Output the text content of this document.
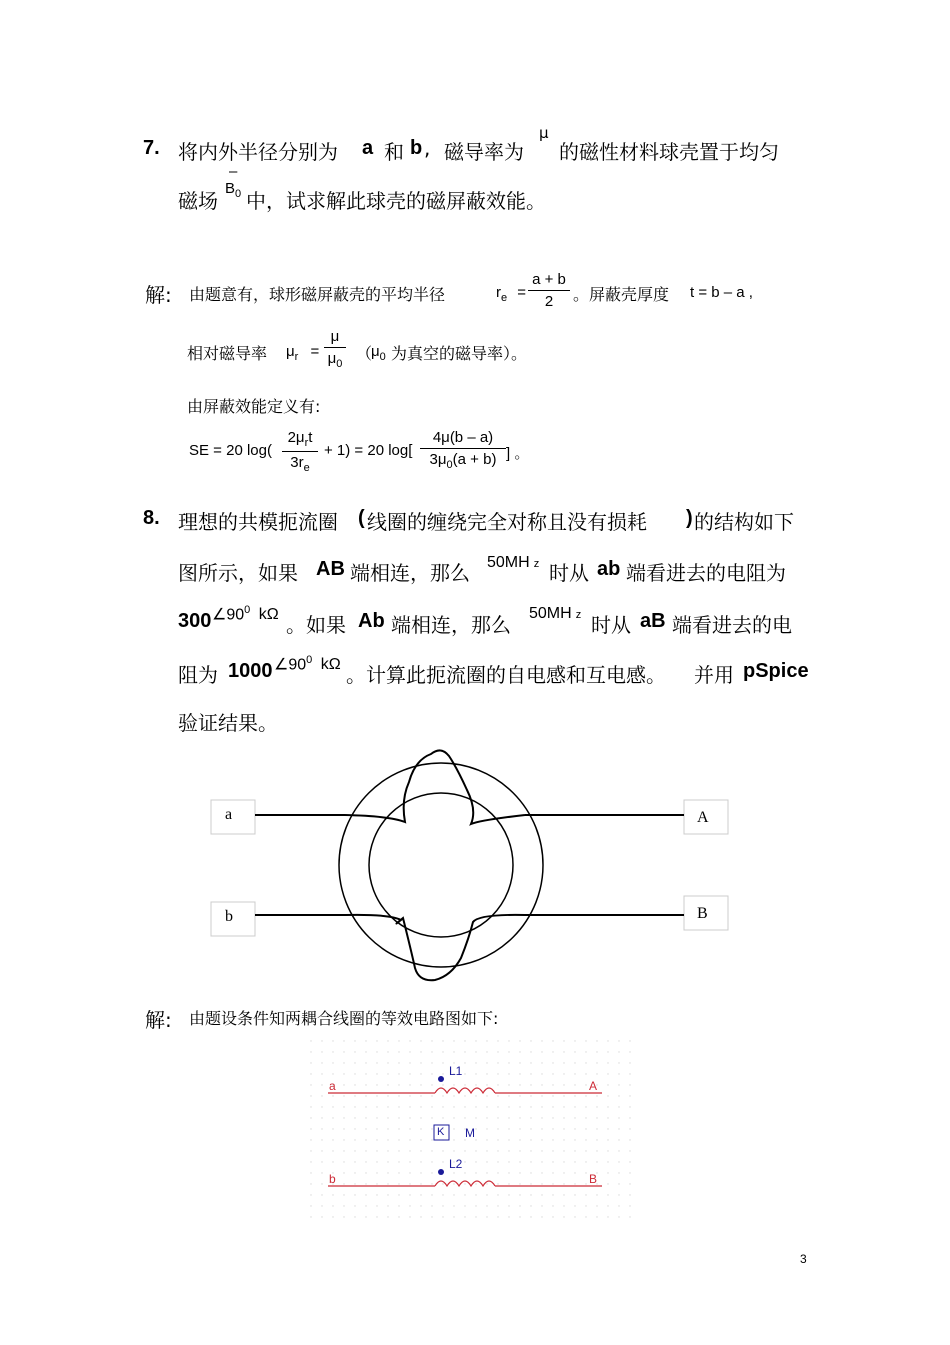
7. 将内外半径分别为 a 和 b , 磁导率为
μ
的磁性材料球壳置于均匀
磁场
–
$B_0$ 中，试求解此球壳的磁屏蔽效能。
解: 由题意有，球形磁屏蔽壳的平均半径	$r_e$ =
a + b
2 。屏蔽壳厚度 t = b – a ,
相对磁导率 $\mu_r$ =
μ
$\mu_0$
（
$\mu_0$ 为真空的磁导率）。
由屏蔽效能定义有:
SE = 20 log(
$2\mu_rt$
$3r_e$
+ 1) = 20 log[
4μ(b – a)
$3\mu_0(a + b)$ ] 。
8. 理想的共模扼流圈 ( 线圈的缠绕完全对称且没有损耗 ) 的结构如下
图所示，如果 AB 端相连，那么 50MH z 时从 ab 端看进去的电阻为
300 $\angle 90^0$ kΩ 。如果 Ab 端相连，那么 50MH z 时从 aB 端看进去的电
阻为 1000 $\angle 90^0$ kΩ 。计算此扼流圈的自电感和互电感。 并用 pSpice
验证结果。
a
b
A
B
解: 由题设条件知两耦合线圈的等效电路图如下:
a	A
b	B
L1
L2
K M
3
